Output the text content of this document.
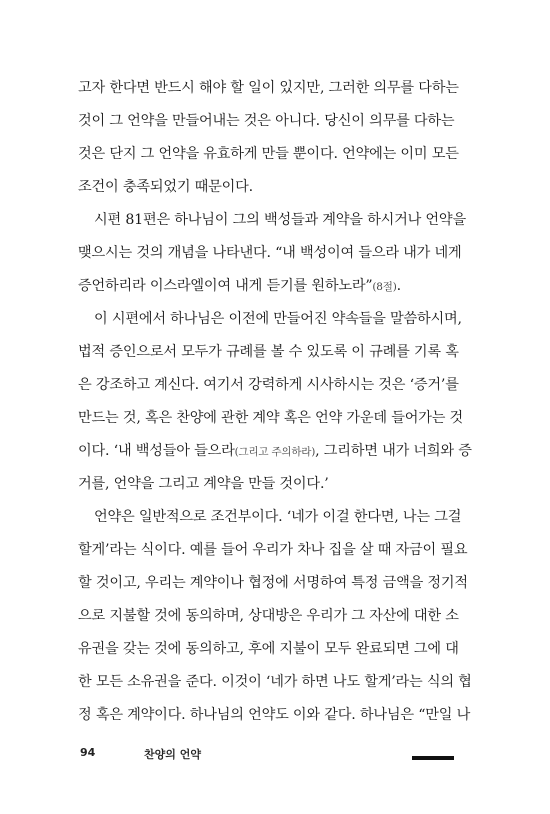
고자 한다면 반드시 해야 할 일이 있지만, 그러한 의무를 다하는
것이 그 언약을 만들어내는 것은 아니다. 당신이 의무를 다하는
것은 단지 그 언약을 유효하게 만들 뿐이다. 언약에는 이미 모든
조건이 충족되었기 때문이다.
시편 81편은 하나님이 그의 백성들과 계약을 하시거나 언약을
맺으시는 것의 개념을 나타낸다. “내 백성이여 들으라 내가 네게
증언하리라 이스라엘이여 내게 듣기를 원하노라”(8절).
이 시편에서 하나님은 이전에 만들어진 약속들을 말씀하시며,
법적 증인으로서 모두가 규례를 볼 수 있도록 이 규례를 기록 혹
은 강조하고 계신다. 여기서 강력하게 시사하시는 것은 ‘증거’를
만드는 것, 혹은 찬양에 관한 계약 혹은 언약 가운데 들어가는 것
이다. ‘내 백성들아 들으라(그리고 주의하라), 그리하면 내가 너희와 증
거를, 언약을 그리고 계약을 만들 것이다.’
언약은 일반적으로 조건부이다. ‘네가 이걸 한다면, 나는 그걸
할게’라는 식이다. 예를 들어 우리가 차나 집을 살 때 자금이 필요
할 것이고, 우리는 계약이나 협정에 서명하여 특정 금액을 정기적
으로 지불할 것에 동의하며, 상대방은 우리가 그 자산에 대한 소
유권을 갖는 것에 동의하고, 후에 지불이 모두 완료되면 그에 대
한 모든 소유권을 준다. 이것이 ‘네가 하면 나도 할게’라는 식의 협
정 혹은 계약이다. 하나님의 언약도 이와 같다. 하나님은 “만일 나
94	찬양의 언약
